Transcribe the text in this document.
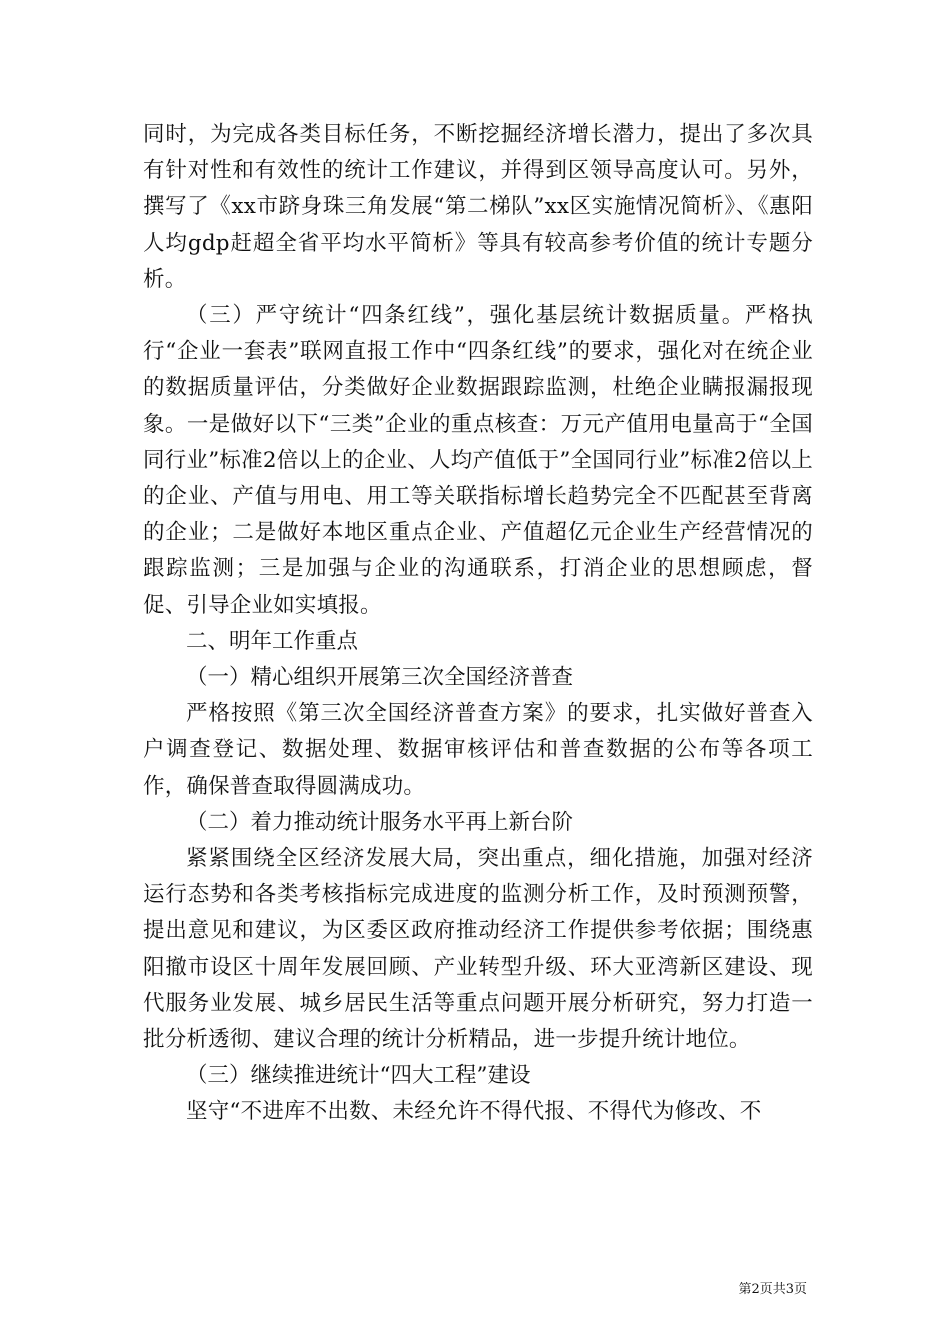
同时，为完成各类目标任务，不断挖掘经济增长潜力，提出了多次具有针对性和有效性的统计工作建议，并得到区领导高度认可。另外，撰写了《xx市跻身珠三角发展“第二梯队”xx区实施情况简析》、《惠阳人均gdp赶超全省平均水平简析》等具有较高参考价值的统计专题分析。

（三）严守统计“四条红线”，强化基层统计数据质量。严格执行“企业一套表”联网直报工作中“四条红线”的要求，强化对在统企业的数据质量评估，分类做好企业数据跟踪监测，杜绝企业瞒报漏报现象。一是做好以下“三类”企业的重点核查：万元产值用电量高于“全国同行业”标准2倍以上的企业、人均产值低于”全国同行业”标准2倍以上的企业、产值与用电、用工等关联指标增长趋势完全不匹配甚至背离的企业；二是做好本地区重点企业、产值超亿元企业生产经营情况的跟踪监测；三是加强与企业的沟通联系，打消企业的思想顾虑，督促、引导企业如实填报。

二、明年工作重点

（一）精心组织开展第三次全国经济普查

严格按照《第三次全国经济普查方案》的要求，扎实做好普查入户调查登记、数据处理、数据审核评估和普查数据的公布等各项工作，确保普查取得圆满成功。

（二）着力推动统计服务水平再上新台阶

紧紧围绕全区经济发展大局，突出重点，细化措施，加强对经济运行态势和各类考核指标完成进度的监测分析工作，及时预测预警，提出意见和建议，为区委区政府推动经济工作提供参考依据；围绕惠阳撤市设区十周年发展回顾、产业转型升级、环大亚湾新区建设、现代服务业发展、城乡居民生活等重点问题开展分析研究，努力打造一批分析透彻、建议合理的统计分析精品，进一步提升统计地位。

（三）继续推进统计“四大工程”建设

坚守“不进库不出数、未经允许不得代报、不得代为修改、不

第2页共3页
